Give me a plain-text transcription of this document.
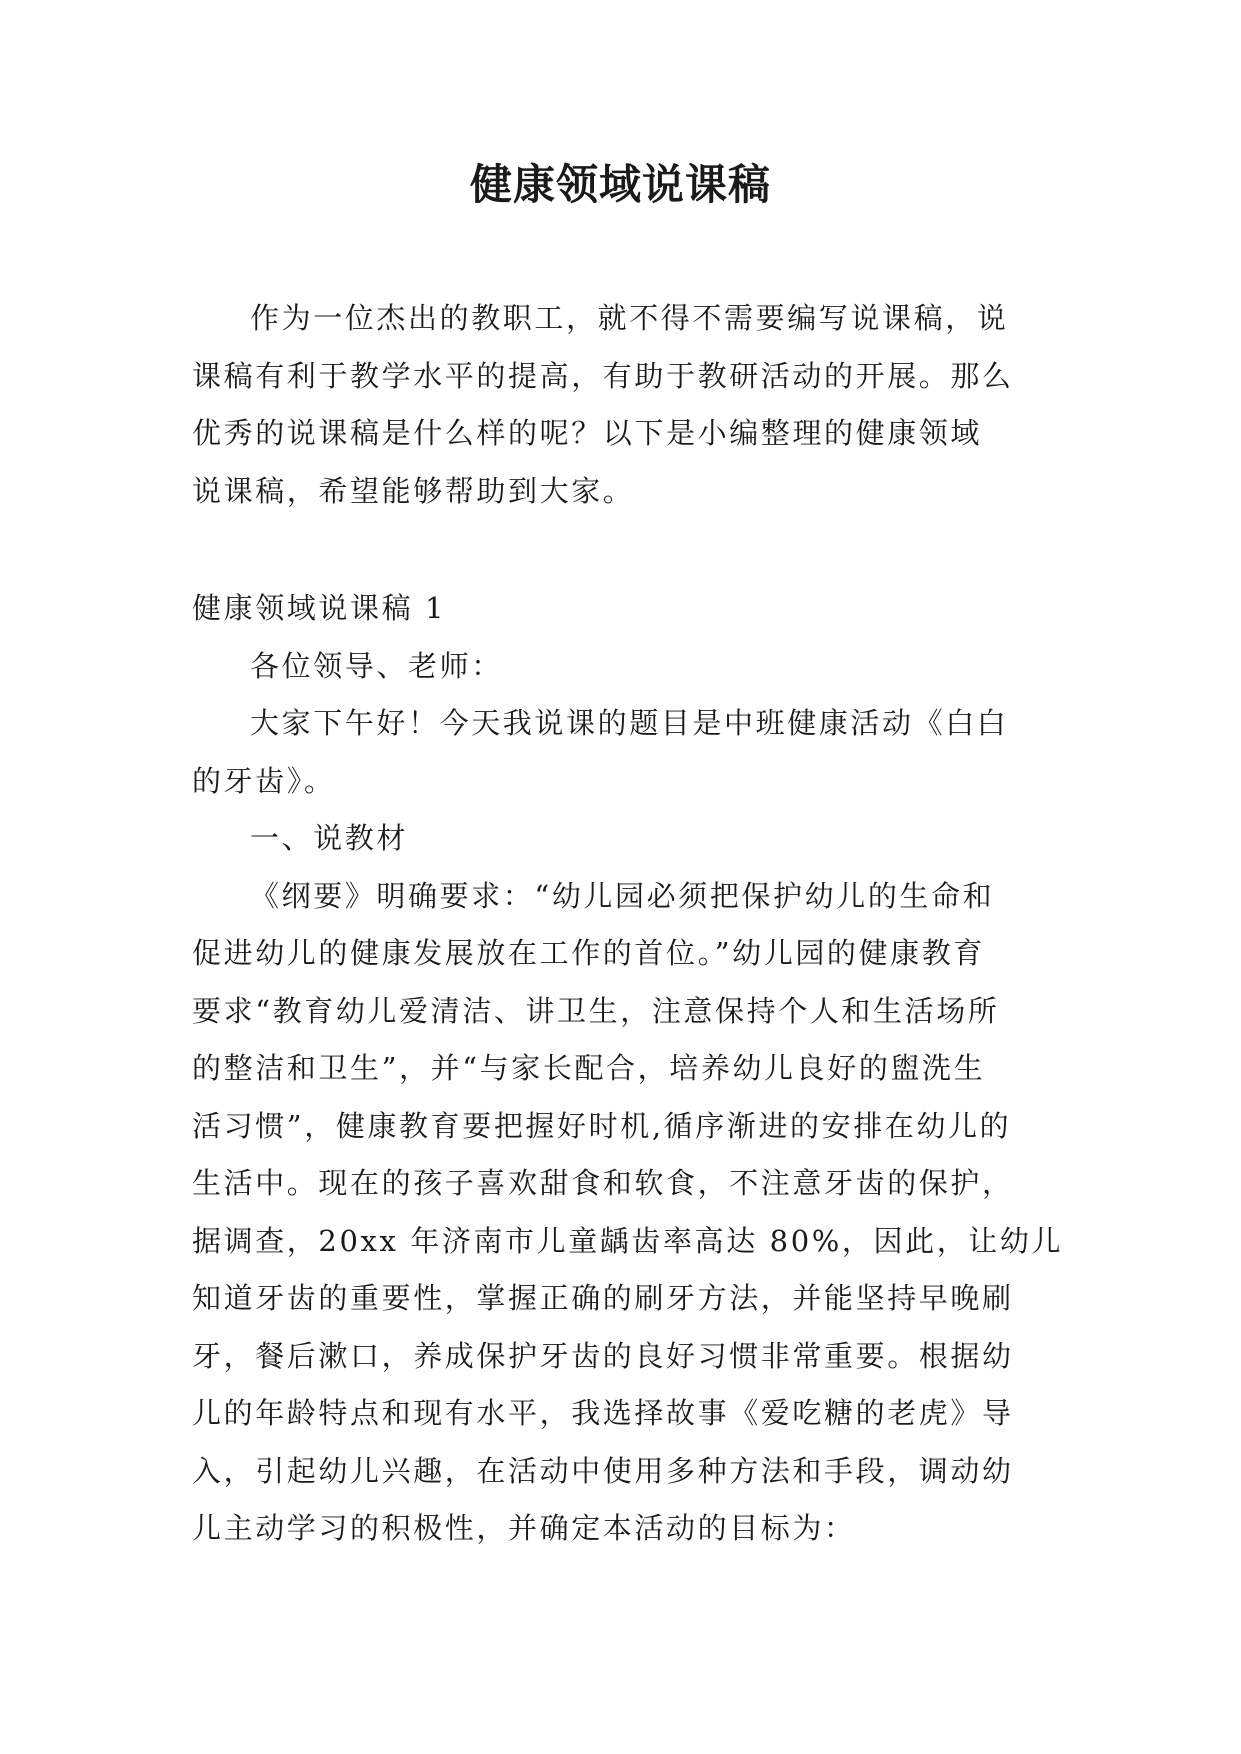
健康领域说课稿

作为一位杰出的教职工，就不得不需要编写说课稿，说
课稿有利于教学水平的提高，有助于教研活动的开展。那么
优秀的说课稿是什么样的呢？以下是小编整理的健康领域
说课稿，希望能够帮助到大家。

健康领域说课稿 1

各位领导、老师：

大家下午好！今天我说课的题目是中班健康活动《白白
的牙齿》。

一、说教材

《纲要》明确要求：“幼儿园必须把保护幼儿的生命和
促进幼儿的健康发展放在工作的首位。”幼儿园的健康教育
要求“教育幼儿爱清洁、讲卫生，注意保持个人和生活场所
的整洁和卫生”，并“与家长配合，培养幼儿良好的盥洗生
活习惯”，健康教育要把握好时机,循序渐进的安排在幼儿的
生活中。现在的孩子喜欢甜食和软食，不注意牙齿的保护，
据调查，20xx 年济南市儿童龋齿率高达 80%，因此，让幼儿
知道牙齿的重要性，掌握正确的刷牙方法，并能坚持早晚刷
牙，餐后漱口，养成保护牙齿的良好习惯非常重要。根据幼
儿的年龄特点和现有水平，我选择故事《爱吃糖的老虎》导
入，引起幼儿兴趣，在活动中使用多种方法和手段，调动幼
儿主动学习的积极性，并确定本活动的目标为：
